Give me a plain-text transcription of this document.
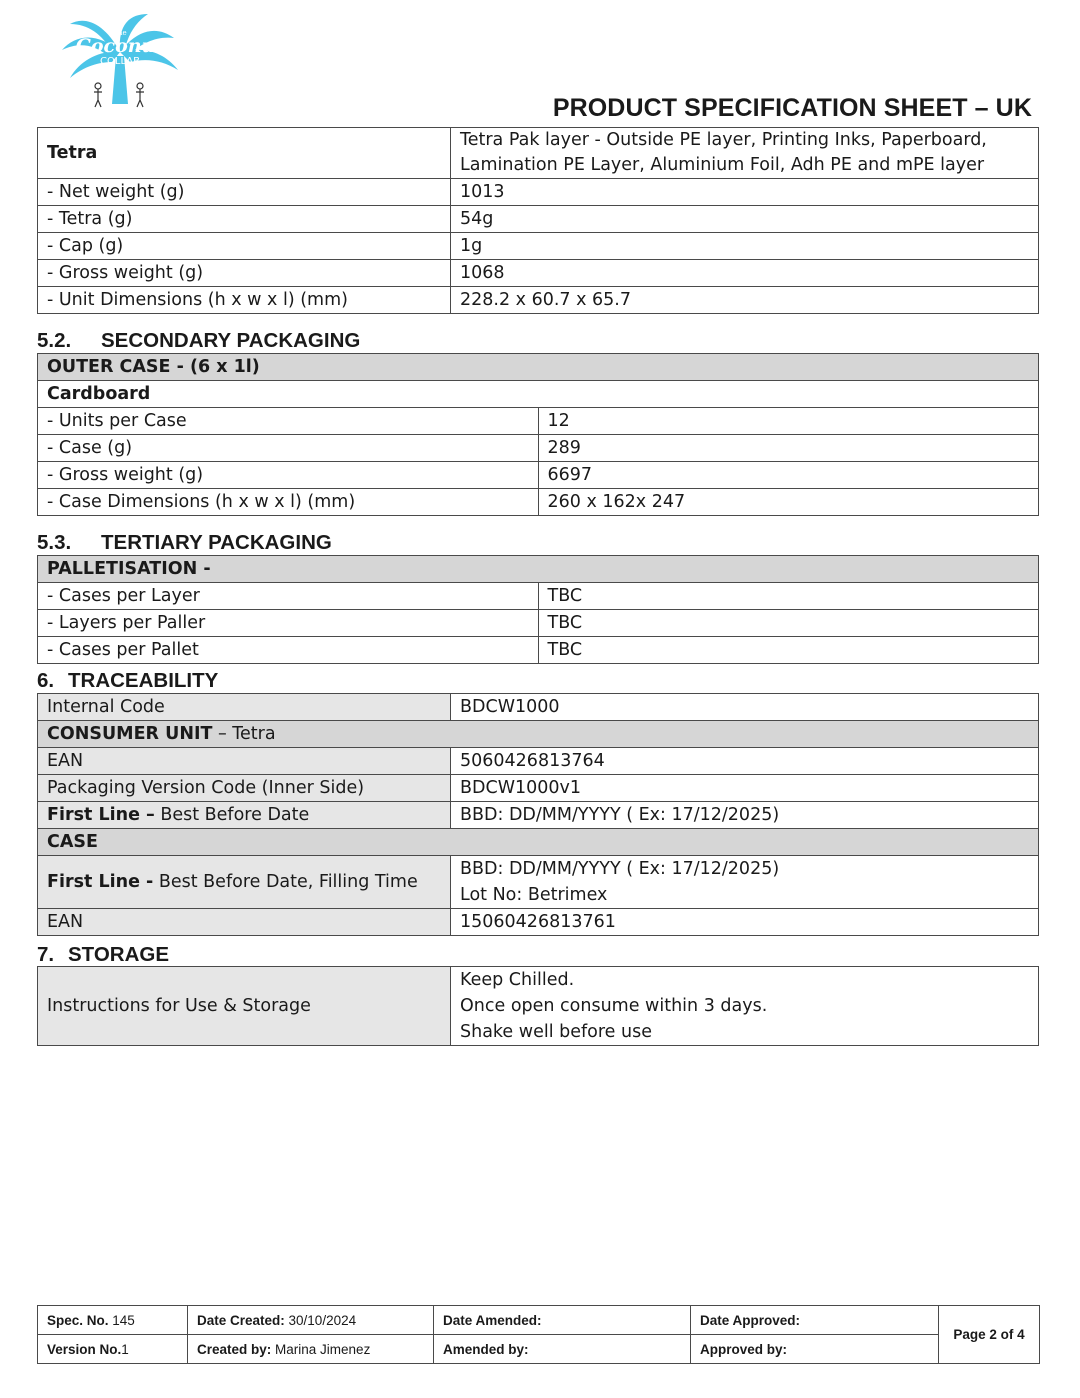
The
Coconut
COLLAB
PRODUCT SPECIFICATION SHEET – UK
Tetra	Tetra Pak layer - Outside PE layer, Printing Inks, Paperboard,
Lamination PE Layer, Aluminium Foil, Adh PE and mPE layer
- Net weight (g)	1013
- Tetra (g)	54g
- Cap (g)	1g
- Gross weight (g)	1068
- Unit Dimensions (h x w x l) (mm)	228.2 x 60.7 x 65.7
5.2. SECONDARY PACKAGING
OUTER CASE - (6 x 1l)	
Cardboard	
- Units per Case	12
- Case (g)	289
- Gross weight (g)	6697
- Case Dimensions (h x w x l) (mm)	260 x 162x 247
5.3. TERTIARY PACKAGING
PALLETISATION -	
- Cases per Layer	TBC
- Layers per Paller	TBC
- Cases per Pallet	TBC
6. TRACEABILITY
Internal Code	BDCW1000
CONSUMER UNIT – Tetra	
EAN	5060426813764
Packaging Version Code (Inner Side)	BDCW1000v1
First Line – Best Before Date	BBD: DD/MM/YYYY ( Ex: 17/12/2025)
CASE	
First Line - Best Before Date, Filling Time	BBD: DD/MM/YYYY ( Ex: 17/12/2025)
Lot No: Betrimex
EAN	15060426813761
7. STORAGE
Instructions for Use & Storage	Keep Chilled.
Once open consume within 3 days.
Shake well before use
Spec. No. 145	Date Created: 30/10/2024	Date Amended:	Date Approved:	Page 2 of 4
Version No.1	Created by: Marina Jimenez	Amended by:	Approved by:	
